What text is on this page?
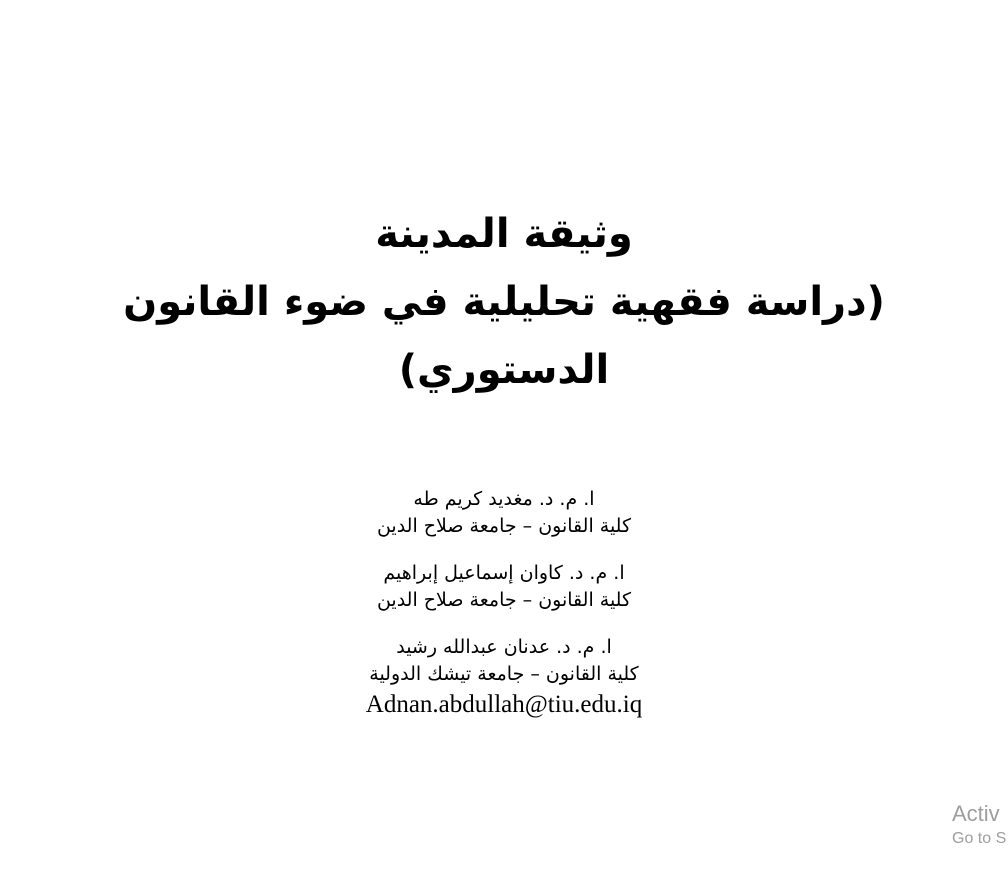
وثيقة المدينة
(دراسة فقهية تحليلية في ضوء القانون
الدستوري)
ا. م. د. مغديد كريم طه
كلية القانون – جامعة صلاح الدين
ا. م. د. كاوان إسماعيل إبراهيم
كلية القانون – جامعة صلاح الدين
ا. م. د. عدنان عبدالله رشيد
كلية القانون – جامعة تيشك الدولية
Adnan.abdullah@tiu.edu.iq
Activ
Go to S
